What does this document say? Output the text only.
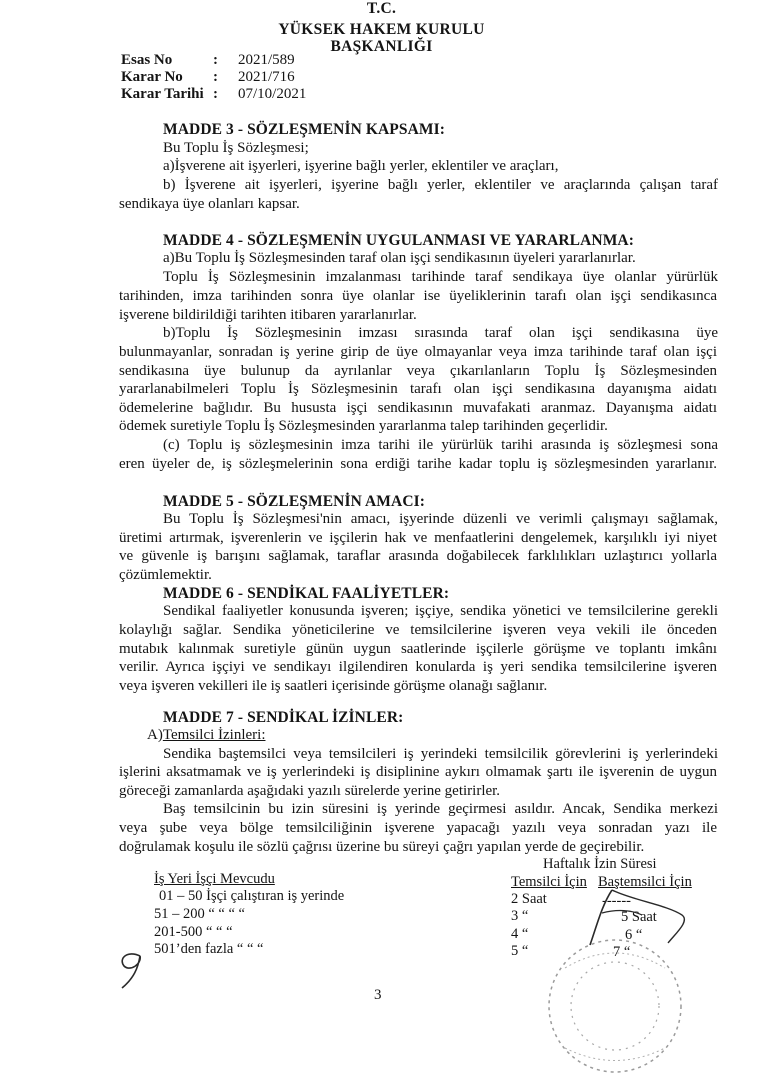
T.C.
YÜKSEK HAKEM KURULU
BAŞKANLIĞI
Esas No	: 2021/589
Karar No : 2021/716
Karar Tarihi : 07/10/2021
MADDE 3 - SÖZLEŞMENİN KAPSAMI:
Bu Toplu İş Sözleşmesi;
a)İşverene ait işyerleri, işyerine bağlı yerler, eklentiler ve araçları,
b) İşverene ait işyerleri, işyerine bağlı yerler, eklentiler ve araçlarında çalışan taraf
sendikaya üye olanları kapsar.
MADDE 4 - SÖZLEŞMENİN UYGULANMASI VE YARARLANMA:
a)Bu Toplu İş Sözleşmesinden taraf olan işçi sendikasının üyeleri yararlanırlar.
Toplu İş Sözleşmesinin imzalanması tarihinde taraf sendikaya üye olanlar yürürlük
tarihinden, imza tarihinden sonra üye olanlar ise üyeliklerinin tarafı olan işçi sendikasınca
işverene bildirildiği tarihten itibaren yararlanırlar.
b)Toplu İş Sözleşmesinin imzası sırasında taraf olan işçi sendikasına üye
bulunmayanlar, sonradan iş yerine girip de üye olmayanlar veya imza tarihinde taraf olan işçi
sendikasına üye bulunup da ayrılanlar veya çıkarılanların Toplu İş Sözleşmesinden
yararlanabilmeleri Toplu İş Sözleşmesinin tarafı olan işçi sendikasına dayanışma aidatı
ödemelerine bağlıdır. Bu hususta işçi sendikasının muvafakati aranmaz. Dayanışma aidatı
ödemek suretiyle Toplu İş Sözleşmesinden yararlanma talep tarihinden geçerlidir.
(c) Toplu iş sözleşmesinin imza tarihi ile yürürlük tarihi arasında iş sözleşmesi sona
eren üyeler de, iş sözleşmelerinin sona erdiği tarihe kadar toplu iş sözleşmesinden yararlanır.
MADDE 5 - SÖZLEŞMENİN AMACI:
Bu Toplu İş Sözleşmesi'nin amacı, işyerinde düzenli ve verimli çalışmayı sağlamak,
üretimi artırmak, işverenlerin ve işçilerin hak ve menfaatlerini dengelemek, karşılıklı iyi niyet
ve güvenle iş barışını sağlamak, taraflar arasında doğabilecek farklılıkları uzlaştırıcı yollarla
çözümlemektir.
MADDE 6 - SENDİKAL FAALİYETLER:
Sendikal faaliyetler konusunda işveren; işçiye, sendika yönetici ve temsilcilerine gerekli
kolaylığı sağlar. Sendika yöneticilerine ve temsilcilerine işveren veya vekili ile önceden
mutabık kalınmak suretiyle günün uygun saatlerinde işçilerle görüşme ve toplantı imkânı
verilir. Ayrıca işçiyi ve sendikayı ilgilendiren konularda iş yeri sendika temsilcilerine işveren
veya işveren vekilleri ile iş saatleri içerisinde görüşme olanağı sağlanır.
MADDE 7 - SENDİKAL İZİNLER:
A)Temsilci İzinleri:
Sendika baştemsilci veya temsilcileri iş yerindeki temsilcilik görevlerini iş yerlerindeki
işlerini aksatmamak ve iş yerlerindeki iş disiplinine aykırı olmamak şartı ile işverenin de uygun
göreceği zamanlarda aşağıdaki yazılı sürelerde yerine getirirler.
Baş temsilcinin bu izin süresini iş yerinde geçirmesi asıldır. Ancak, Sendika merkezi
veya şube veya bölge temsilciliğinin işverene yapacağı yazılı veya sonradan yazı ile
doğrulamak koşulu ile sözlü çağrısı üzerine bu süreyi çağrı yapılan yerde de geçirebilir.
Haftalık İzin Süresi
İş Yeri İşçi Mevcudu	Temsilci İçin Baştemsilci İçin
01 – 50 İşçi çalıştıran iş yerinde	2 Saat	------
51 – 200 “ “ “ “	3 “	5 Saat
201-500 “ “ “	4 “	6 “
501’den fazla “ “ “	5 “	7 “
3
